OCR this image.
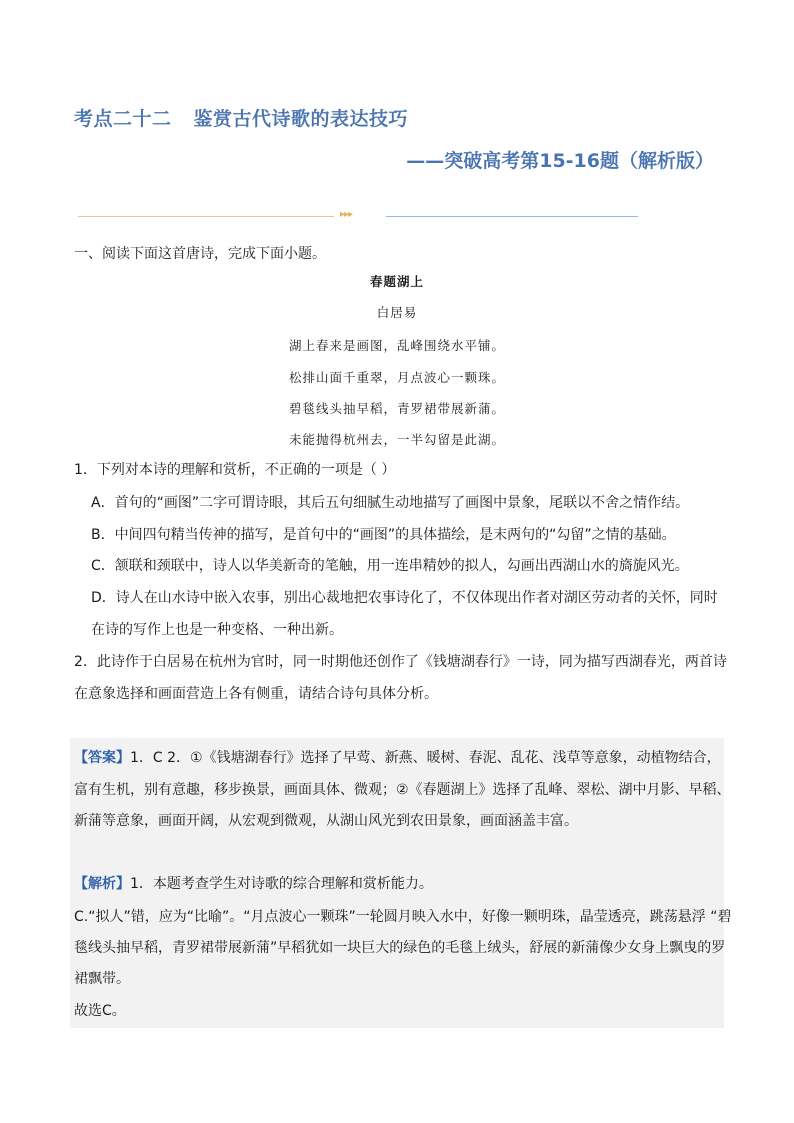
考点二十二 鉴赏古代诗歌的表达技巧
——突破高考第15-16题（解析版）
▸▸▸
一、阅读下面这首唐诗，完成下面小题。
春题湖上
白居易
湖上春来是画图，乱峰围绕水平铺。
松排山面千重翠，月点波心一颗珠。
碧毯线头抽早稻，青罗裙带展新蒲。
未能抛得杭州去，一半勾留是此湖。
1．下列对本诗的理解和赏析，不正确的一项是（ ）
A．首句的“画图”二字可谓诗眼，其后五句细腻生动地描写了画图中景象，尾联以不舍之情作结。
B．中间四句精当传神的描写，是首句中的“画图”的具体描绘，是末两句的“勾留”之情的基础。
C．颔联和颈联中，诗人以华美新奇的笔触，用一连串精妙的拟人，勾画出西湖山水的旖旎风光。
D．诗人在山水诗中嵌入农事，别出心裁地把农事诗化了，不仅体现出作者对湖区劳动者的关怀，同时
在诗的写作上也是一种变格、一种出新。
2．此诗作于白居易在杭州为官时，同一时期他还创作了《钱塘湖春行》一诗，同为描写西湖春光，两首诗
在意象选择和画面营造上各有侧重，请结合诗句具体分析。
【答案】1．C 2．①《钱塘湖春行》选择了早莺、新燕、暖树、春泥、乱花、浅草等意象，动植物结合，
富有生机，别有意趣，移步换景，画面具体、微观；②《春题湖上》选择了乱峰、翠松、湖中月影、早稻、
新蒲等意象，画面开阔，从宏观到微观，从湖山风光到农田景象，画面涵盖丰富。
【解析】1．本题考查学生对诗歌的综合理解和赏析能力。
C.“拟人”错，应为“比喻”。“月点波心一颗珠”一轮圆月映入水中，好像一颗明珠，晶莹透亮，跳荡悬浮 “碧
毯线头抽早稻，青罗裙带展新蒲”早稻犹如一块巨大的绿色的毛毯上绒头，舒展的新蒲像少女身上飘曳的罗
裙飘带。
故选C。
